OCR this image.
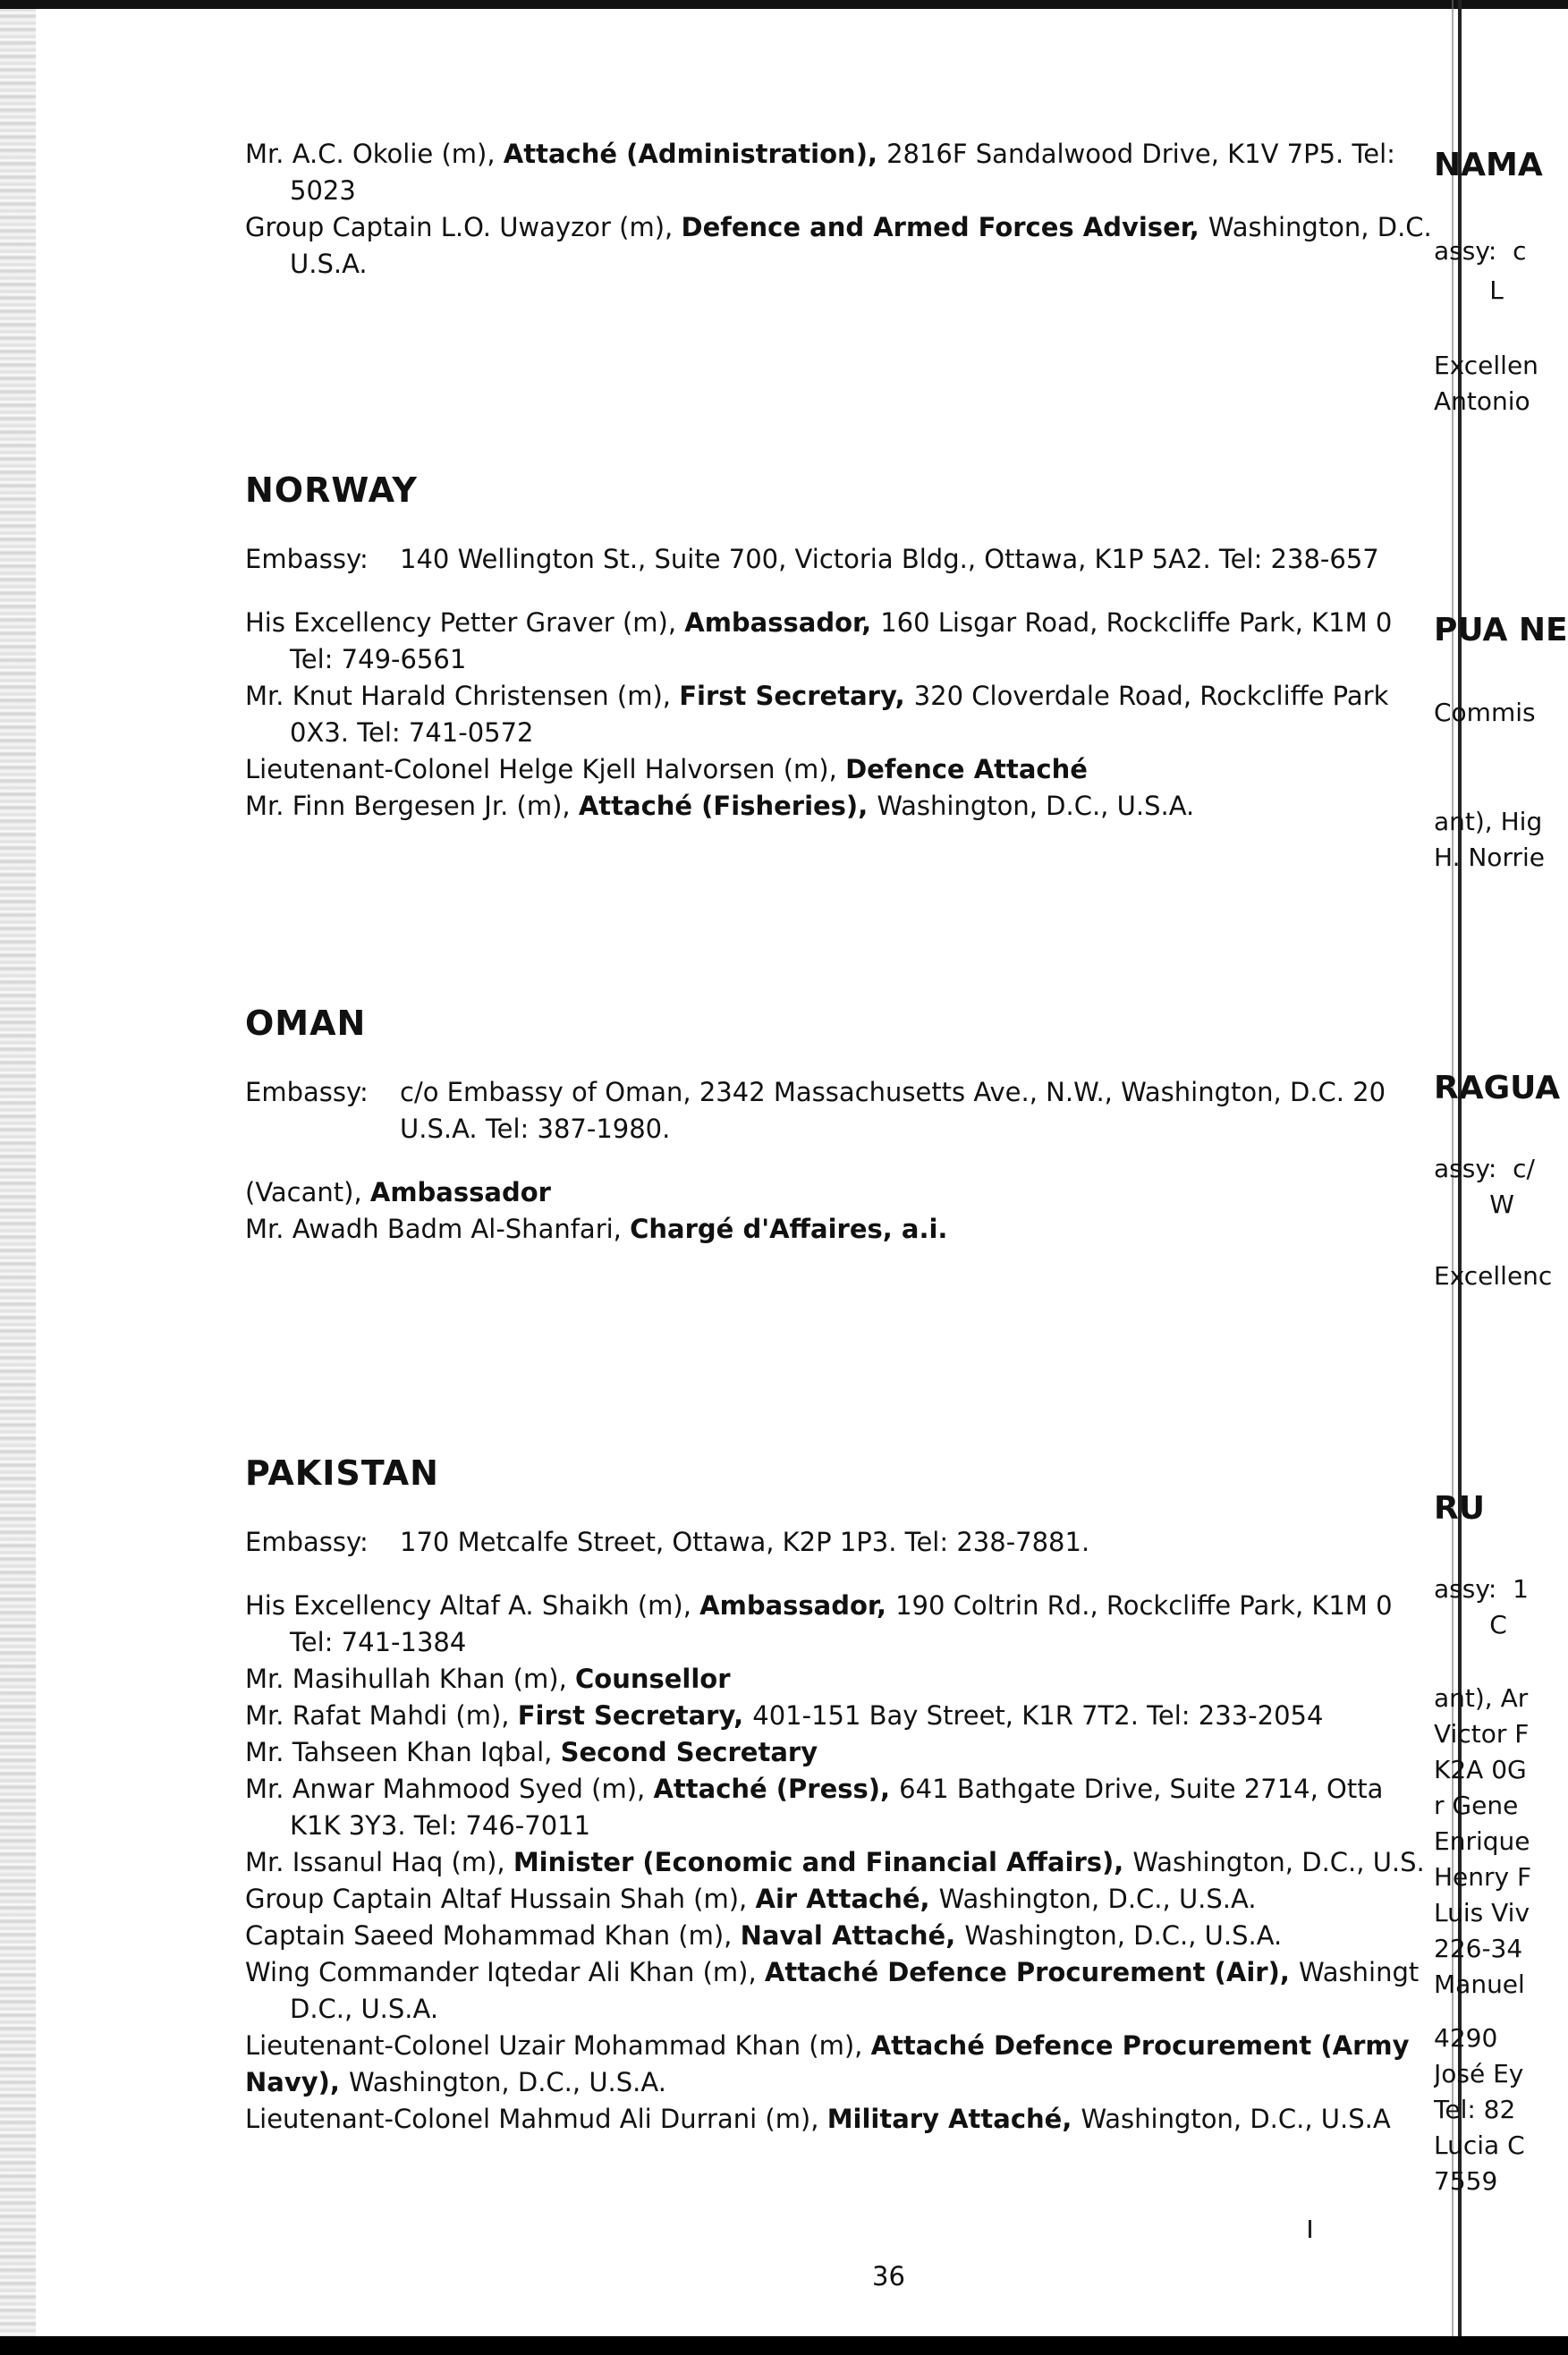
Mr. A.C. Okolie (m), Attaché (Administration), 2816F Sandalwood Drive, K1V 7P5. Tel:
5023
Group Captain L.O. Uwayzor (m), Defence and Armed Forces Adviser, Washington, D.C.
U.S.A.
NORWAY
Embassy:	140 Wellington St., Suite 700, Victoria Bldg., Ottawa, K1P 5A2. Tel: 238-657
His Excellency Petter Graver (m), Ambassador, 160 Lisgar Road, Rockcliffe Park, K1M 0
Tel: 749-6561
Mr. Knut Harald Christensen (m), First Secretary, 320 Cloverdale Road, Rockcliffe Park
0X3. Tel: 741-0572
Lieutenant-Colonel Helge Kjell Halvorsen (m), Defence Attaché
Mr. Finn Bergesen Jr. (m), Attaché (Fisheries), Washington, D.C., U.S.A.
OMAN
Embassy:	c/o Embassy of Oman, 2342 Massachusetts Ave., N.W., Washington, D.C. 20
U.S.A. Tel: 387-1980.
(Vacant), Ambassador
Mr. Awadh Badm Al-Shanfari, Chargé d'Affaires, a.i.
PAKISTAN
Embassy:	170 Metcalfe Street, Ottawa, K2P 1P3. Tel: 238-7881.
His Excellency Altaf A. Shaikh (m), Ambassador, 190 Coltrin Rd., Rockcliffe Park, K1M 0
Tel: 741-1384
Mr. Masihullah Khan (m), Counsellor
Mr. Rafat Mahdi (m), First Secretary, 401-151 Bay Street, K1R 7T2. Tel: 233-2054
Mr. Tahseen Khan Iqbal, Second Secretary
Mr. Anwar Mahmood Syed (m), Attaché (Press), 641 Bathgate Drive, Suite 2714, Otta
K1K 3Y3. Tel: 746-7011
Mr. Issanul Haq (m), Minister (Economic and Financial Affairs), Washington, D.C., U.S.
Group Captain Altaf Hussain Shah (m), Air Attaché, Washington, D.C., U.S.A.
Captain Saeed Mohammad Khan (m), Naval Attaché, Washington, D.C., U.S.A.
Wing Commander Iqtedar Ali Khan (m), Attaché Defence Procurement (Air), Washingt
D.C., U.S.A.
Lieutenant-Colonel Uzair Mohammad Khan (m), Attaché Defence Procurement (Army
Navy), Washington, D.C., U.S.A.
Lieutenant-Colonel Mahmud Ali Durrani (m), Military Attaché, Washington, D.C., U.S.A
NAMA
assy:  c
L
Excellen
Antonio
PUA NE
Commis
ant), Hig
H. Norrie
RAGUA
assy:  c/
W
Excellenc
RU
assy:  1
C
ant), Ar
Victor F
K2A 0G
r Gene
Enrique
Henry F
Luis Viv
226-34
Manuel
4290
José Ey
Tel: 82
Lucia C
7559
36
